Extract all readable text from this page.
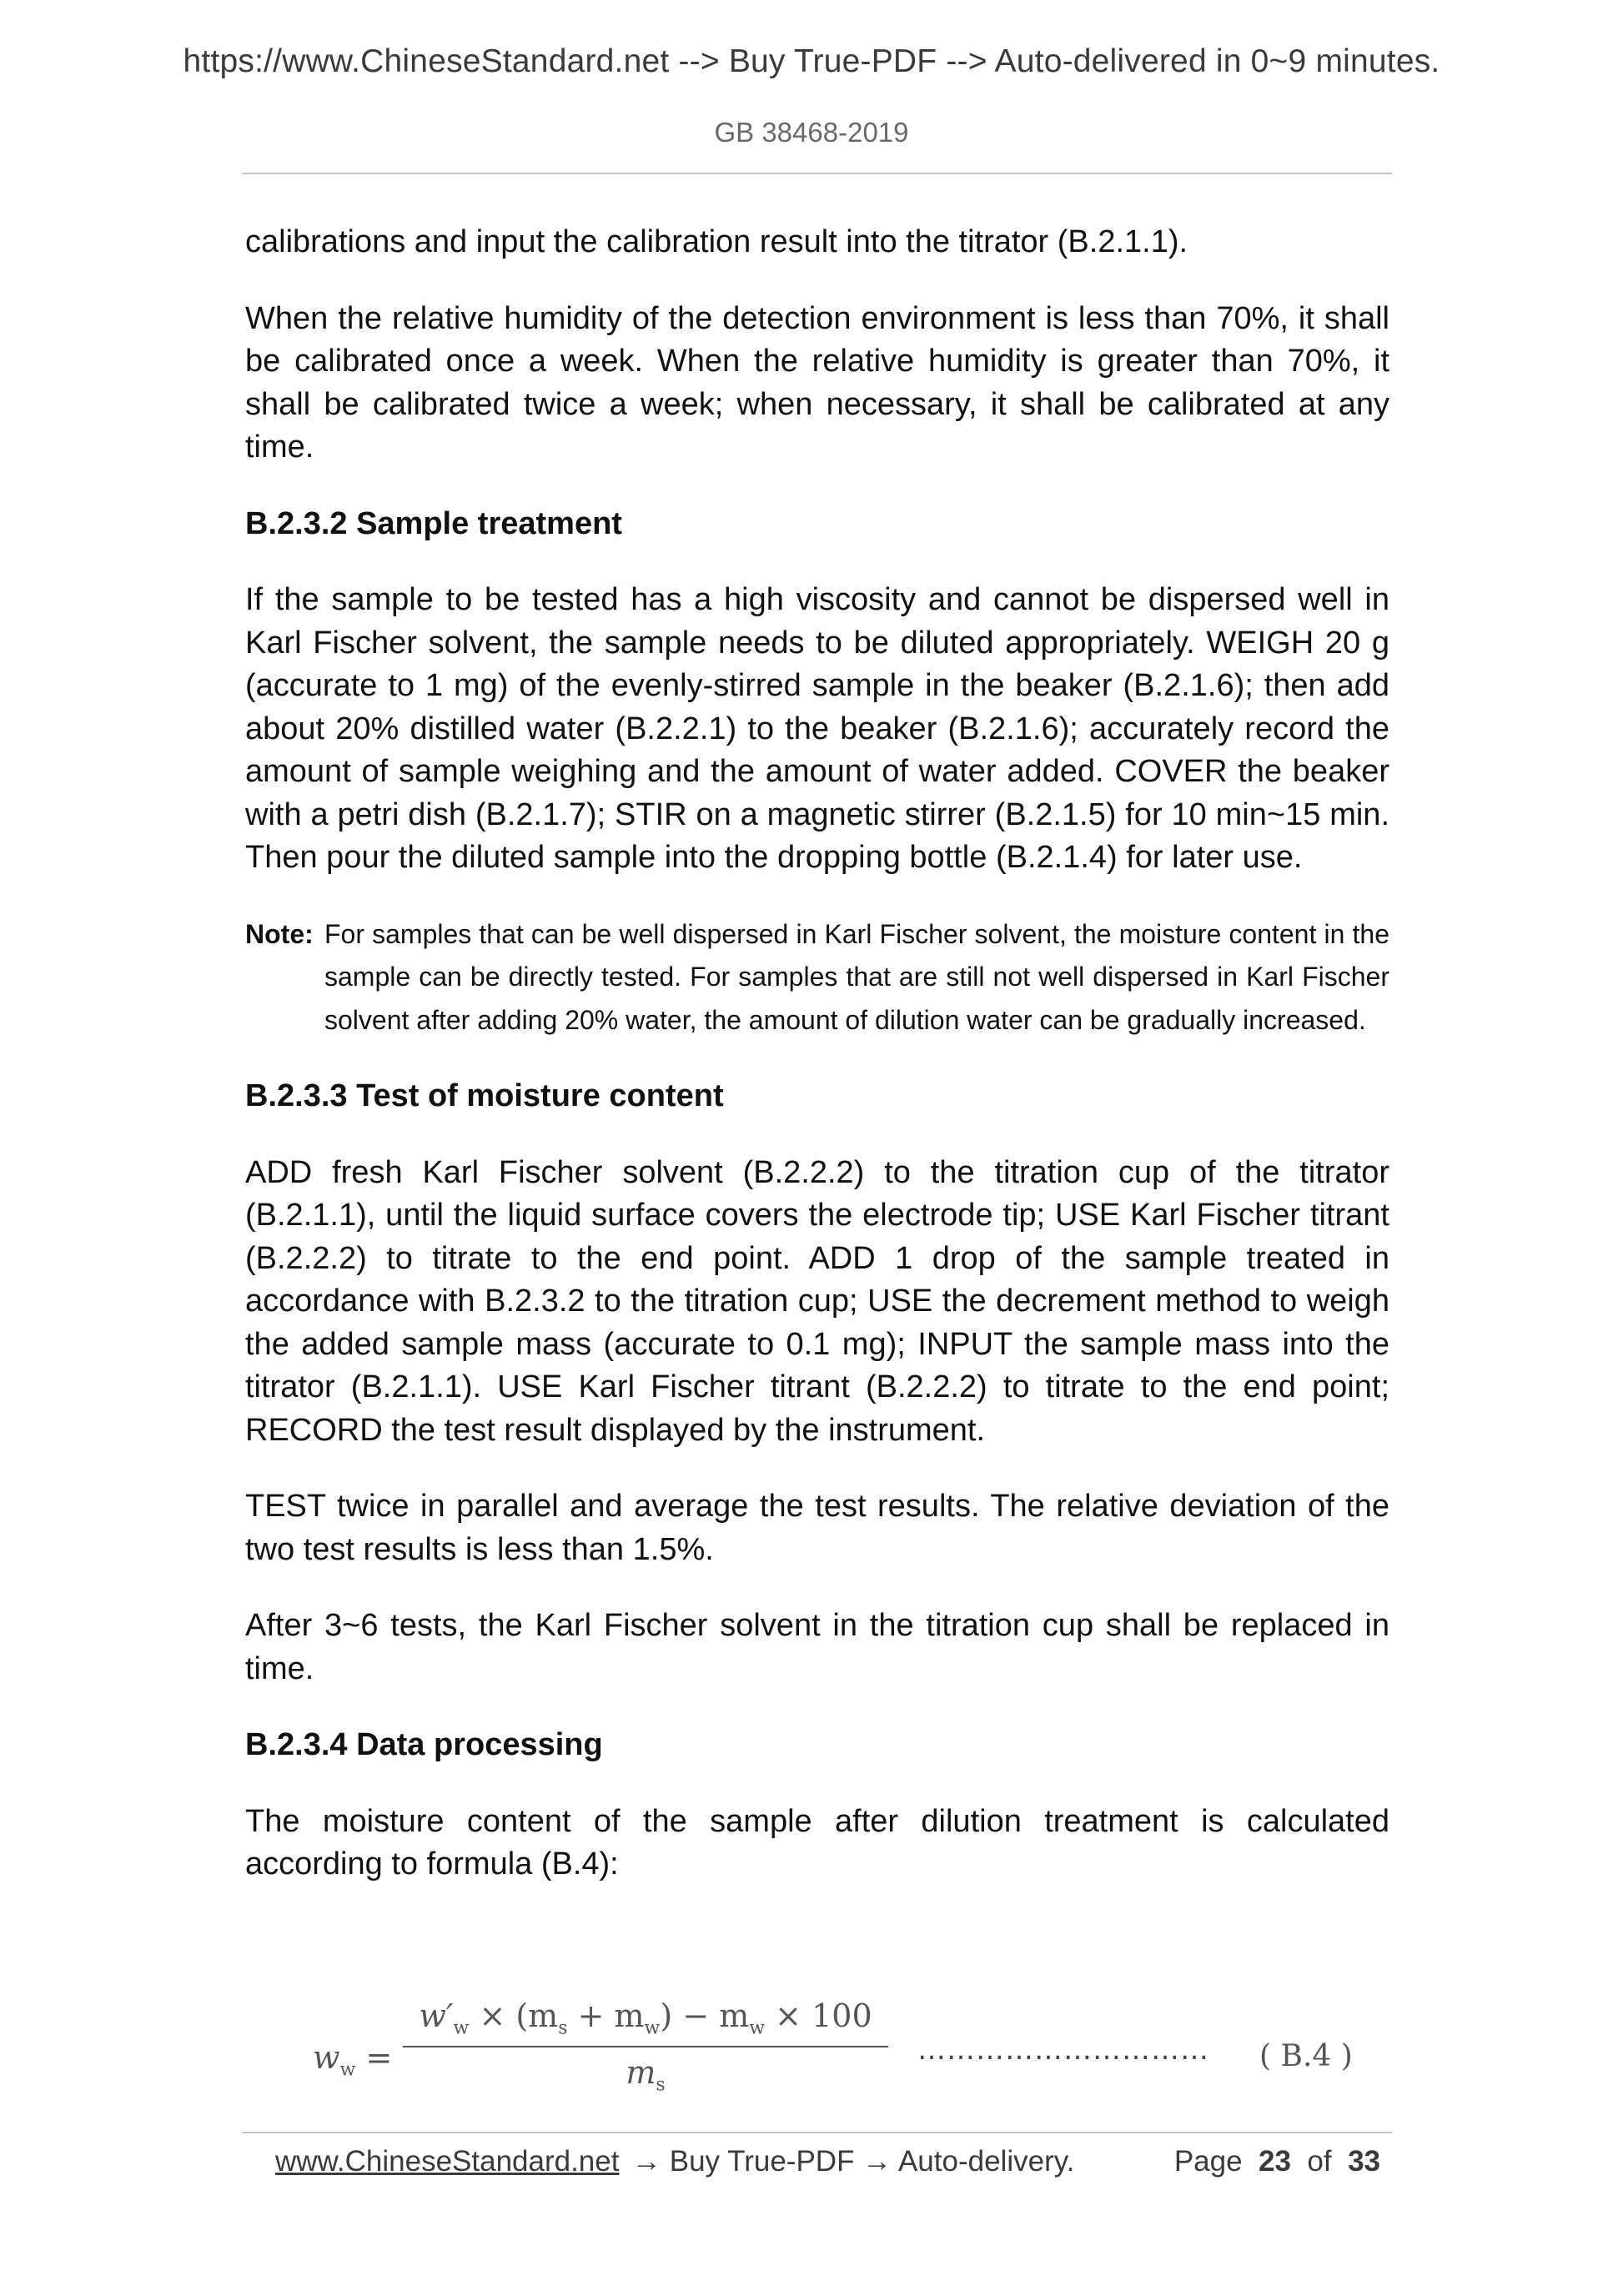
https://www.ChineseStandard.net --> Buy True-PDF --> Auto-delivered in 0~9 minutes.
GB 38468-2019

calibrations and input the calibration result into the titrator (B.2.1.1).

When the relative humidity of the detection environment is less than 70%, it shall be calibrated once a week. When the relative humidity is greater than 70%, it shall be calibrated twice a week; when necessary, it shall be calibrated at any time.

B.2.3.2 Sample treatment

If the sample to be tested has a high viscosity and cannot be dispersed well in Karl Fischer solvent, the sample needs to be diluted appropriately. WEIGH 20 g (accurate to 1 mg) of the evenly-stirred sample in the beaker (B.2.1.6); then add about 20% distilled water (B.2.2.1) to the beaker (B.2.1.6); accurately record the amount of sample weighing and the amount of water added. COVER the beaker with a petri dish (B.2.1.7); STIR on a magnetic stirrer (B.2.1.5) for 10 min~15 min. Then pour the diluted sample into the dropping bottle (B.2.1.4) for later use.

Note: For samples that can be well dispersed in Karl Fischer solvent, the moisture content in the sample can be directly tested. For samples that are still not well dispersed in Karl Fischer solvent after adding 20% water, the amount of dilution water can be gradually increased.

B.2.3.3 Test of moisture content

ADD fresh Karl Fischer solvent (B.2.2.2) to the titration cup of the titrator (B.2.1.1), until the liquid surface covers the electrode tip; USE Karl Fischer titrant (B.2.2.2) to titrate to the end point. ADD 1 drop of the sample treated in accordance with B.2.3.2 to the titration cup; USE the decrement method to weigh the added sample mass (accurate to 0.1 mg); INPUT the sample mass into the titrator (B.2.1.1). USE Karl Fischer titrant (B.2.2.2) to titrate to the end point; RECORD the test result displayed by the instrument.

TEST twice in parallel and average the test results. The relative deviation of the two test results is less than 1.5%.

After 3~6 tests, the Karl Fischer solvent in the titration cup shall be replaced in time.

B.2.3.4 Data processing

The moisture content of the sample after dilution treatment is calculated according to formula (B.4):

$w_w$ =
$w'_w \times (m_s + m_w) - m_w \times 100$
$m_s$
………………………… ( B.4 )
www.ChineseStandard.net → Buy True-PDF → Auto-delivery.	Page 23 of 33
